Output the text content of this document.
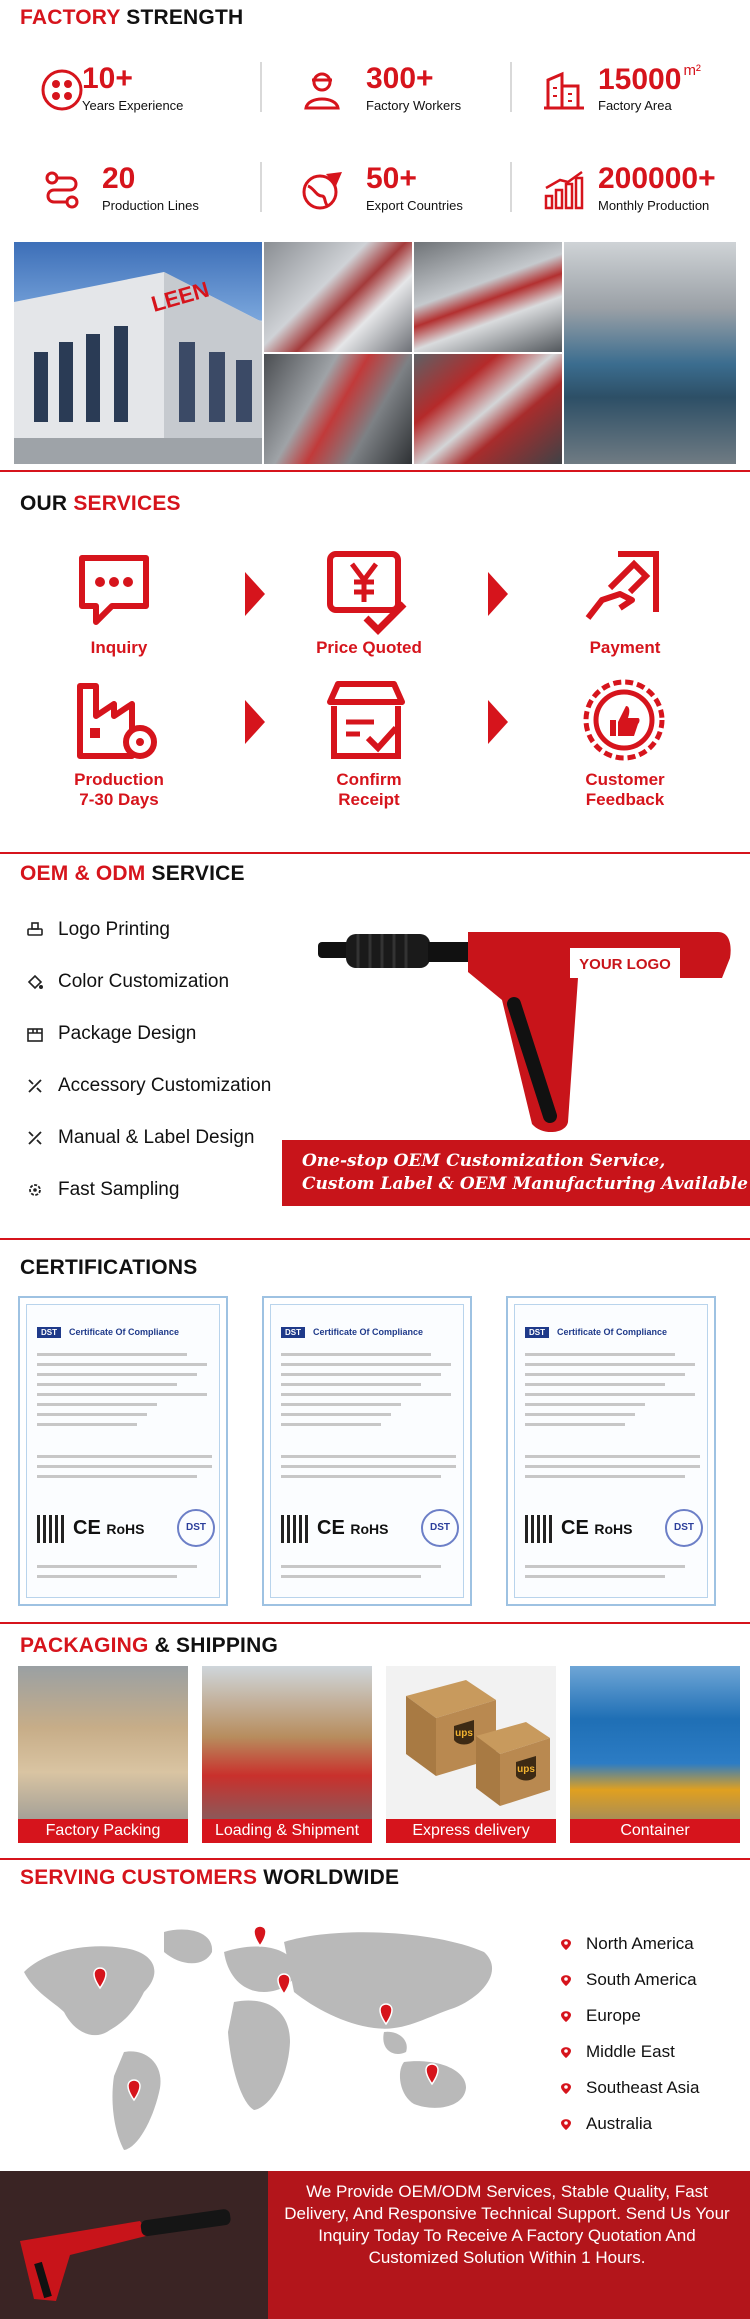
FACTORY STRENGTH
10+
Years Experience
300+
Factory Workers
15000 $^{m^2}$
Factory Area
20
Production Lines
50+
Export Countries
200000+
Monthly Production
LEEN
OUR SERVICES
Inquiry	Price Quoted	Payment
Production
7-30 Days
Confirm
Receipt
Customer
Feedback
OEM & ODM SERVICE
Logo Printing
Color Customization
Package Design
Accessory Customization
Manual & Label Design
Fast Sampling
YOUR LOGO
One-stop OEM Customization Service,
Custom Label & OEM Manufacturing Available
CERTIFICATIONS
DST Certificate Of Compliance
CE RoHS	DST
DST Certificate Of Compliance
CE RoHS	DST
DST Certificate Of Compliance
CE RoHS	DST
PACKAGING & SHIPPING
Factory Packing	Loading & Shipment
ups
ups
Express delivery	Container
SERVING CUSTOMERS WORLDWIDE
North America
South America
Europe
Middle East
Southeast Asia
Australia
We Provide OEM/ODM Services, Stable Quality, Fast Delivery, And Responsive Technical Support. Send Us Your Inquiry Today To Receive A Factory Quotation And Customized Solution Within 1 Hours.
